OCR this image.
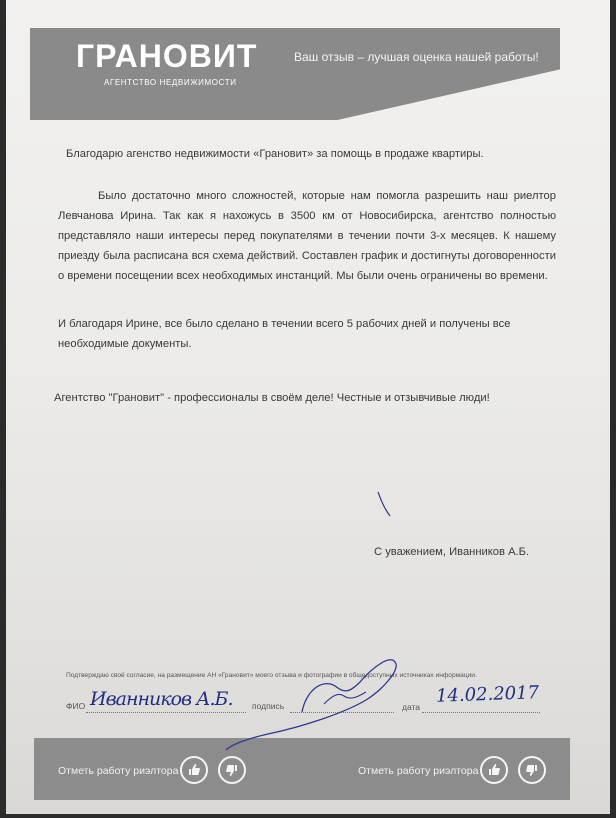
ГРАНОВИТ
АГЕНТСТВО НЕДВИЖИМОСТИ
Ваш отзыв – лучшая оценка нашей работы!
Благодарю агенство недвижимости «Грановит» за помощь в продаже квартиры.
Было достаточно много сложностей, которые нам помогла разрешить наш риелтор Левчанова Ирина. Так как я нахожусь в 3500 км от Новосибирска, агентство полностью представляло наши интересы перед покупателями в течении почти 3-х месяцев. К нашему приезду была расписана вся схема действий. Составлен график и достигнуты договоренности о времени посещении всех необходимых инстанций. Мы были очень ограничены во времени.
И благодаря Ирине, все было сделано в течении всего 5 рабочих дней и получены все необходимые документы.
Агентство "Грановит" - профессионалы в своём деле! Честные и отзывчивые люди!
С уважением, Иванников А.Б.
Подтверждаю своё согласие, на размещение АН «Грановит» моего отзыва и фотографии в общедоступных источниках информации.
ФИО Иванников А.Б. подпись	дата
14.02.2017
Отметь работу риэлтора	Отметь работу риэлтора
